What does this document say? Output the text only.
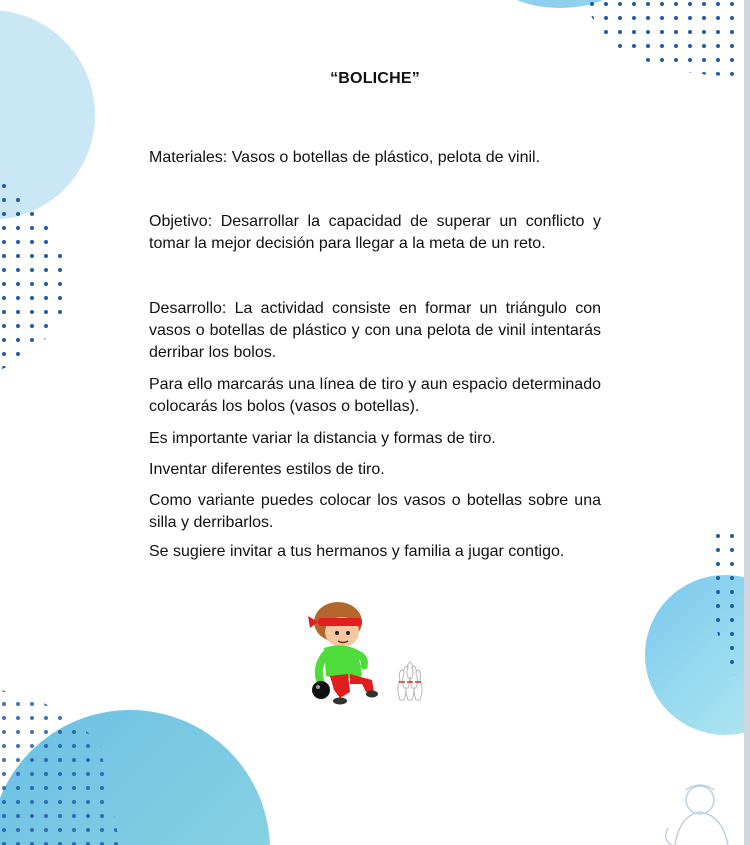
“BOLICHE”

Materiales: Vasos o botellas de plástico, pelota de vinil.

Objetivo: Desarrollar la capacidad de superar un conflicto y tomar la mejor decisión para llegar a la meta de un reto.

Desarrollo: La actividad consiste en formar un triángulo con vasos o botellas de plástico y con una pelota de vinil intentarás derribar los bolos.

Para ello marcarás una línea de tiro y aun espacio determinado colocarás los bolos (vasos o botellas).

Es importante variar la distancia y formas de tiro.

Inventar diferentes estilos de tiro.

Como variante puedes colocar los vasos o botellas sobre una silla y derribarlos.

Se sugiere invitar a tus hermanos y familia a jugar contigo.
